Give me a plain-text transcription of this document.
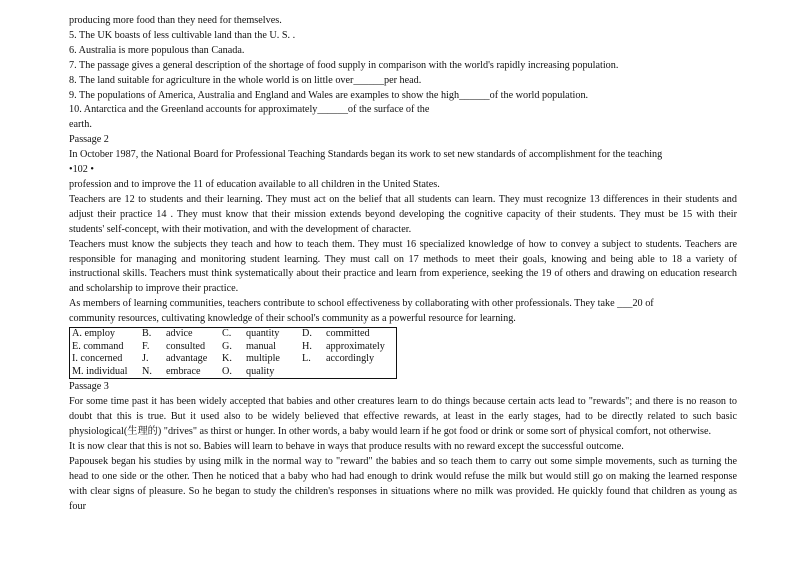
producing more food than they need for themselves.

5. The UK boasts of less cultivable land than the U. S. .

6. Australia is more populous than Canada.

7. The passage gives a general description of the shortage of food supply in comparison with the world's rapidly increasing population.

8. The land suitable for agriculture in the whole world is on little over______per head.

9. The populations of America, Australia and England and Wales are examples to show the high______of the world population.

10. Antarctica and the Greenland accounts for approximately______of the surface of the

earth.

Passage 2

In October 1987, the National Board for Professional Teaching Standards began its work to set new standards of accomplishment for the teaching

•102 •

profession and to improve the 11 of education available to all children in the United States.

Teachers are 12 to students and their learning. They must act on the belief that all students can learn. They must recognize 13 differences in their students and adjust their practice 14 . They must know that their mission extends beyond developing the cognitive capacity of their students. They must be 15 with their students' self-concept, with their motivation, and with the development of character.

Teachers must know the subjects they teach and how to teach them. They must 16 specialized knowledge of how to convey a subject to students. Teachers are responsible for managing and monitoring student learning. They must call on 17 methods to meet their goals, knowing and being able to 18 a variety of instructional skills. Teachers must think systematically about their practice and learn from experience, seeking the 19 of others and drawing on education research and scholarship to improve their practice.

As members of learning communities, teachers contribute to school effectiveness by collaborating with other professionals. They take ___20 of

community resources, cultivating knowledge of their school's community as a powerful resource for learning.

A. employ	B.	advice	C.	quantity	D.	committed
E. command	F.	consulted	G.	manual	H.	approximately
I. concerned	J.	advantage	K.	multiple	L.	accordingly
M. individual	N.	embrace	O.	quality		

Passage 3

For some time past it has been widely accepted that babies and other creatures learn to do things because certain acts lead to "rewards"; and there is no reason to doubt that this is true. But it used also to be widely believed that effective rewards, at least in the early stages, had to be directly related to such basic physiological(生理的) "drives" as thirst or hunger. In other words, a baby would learn if he got food or drink or some sort of physical comfort, not otherwise.

It is now clear that this is not so. Babies will learn to behave in ways that produce results with no reward except the successful outcome.

Papousek began his studies by using milk in the normal way to "reward" the babies and so teach them to carry out some simple movements, such as turning the head to one side or the other. Then he noticed that a baby who had had enough to drink would refuse the milk but would still go on making the learned response with clear signs of pleasure. So he began to study the children's responses in situations where no milk was provided. He quickly found that children as young as four
